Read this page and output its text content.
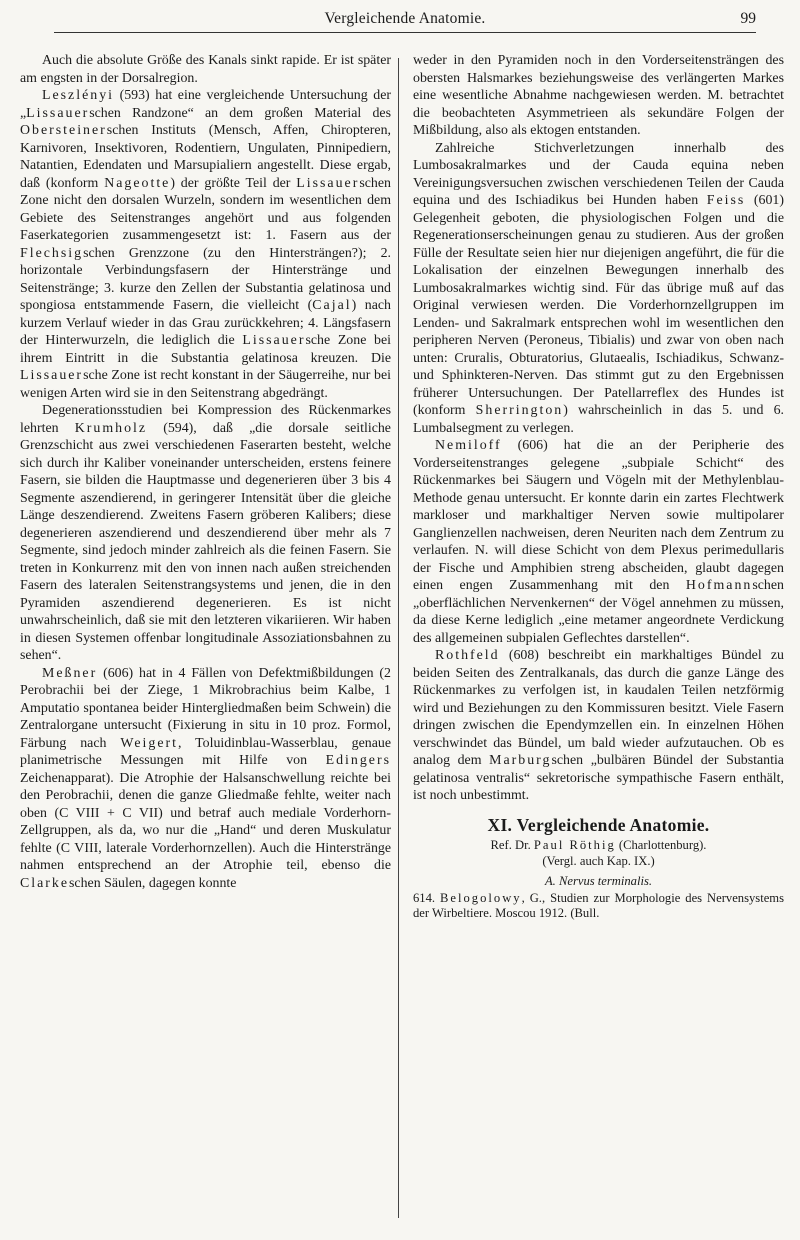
Vergleichende Anatomie.	99

Auch die absolute Größe des Kanals sinkt rapide. Er ist später am engsten in der Dorsalregion.

Leszlényi (593) hat eine vergleichende Untersuchung der „Lissauerschen Randzone“ an dem großen Material des Obersteinerschen Instituts (Mensch, Affen, Chiropteren, Karnivoren, Insektivoren, Rodentiern, Ungulaten, Pinnipediern, Natantien, Edendaten und Marsupialiern angestellt. Diese ergab, daß (konform Nageotte) der größte Teil der Lissauerschen Zone nicht den dorsalen Wurzeln, sondern im wesentlichen dem Gebiete des Seitenstranges angehört und aus folgenden Faserkategorien zusammengesetzt ist: 1. Fasern aus der Flechsigschen Grenzzone (zu den Hintersträngen?); 2. horizontale Verbindungsfasern der Hinterstränge und Seitenstränge; 3. kurze den Zellen der Substantia gelatinosa und spongiosa entstammende Fasern, die vielleicht (Cajal) nach kurzem Verlauf wieder in das Grau zurückkehren; 4. Längsfasern der Hinterwurzeln, die lediglich die Lissauersche Zone bei ihrem Eintritt in die Substantia gelatinosa kreuzen. Die Lissauersche Zone ist recht konstant in der Säugerreihe, nur bei wenigen Arten wird sie in den Seitenstrang abgedrängt.

Degenerationsstudien bei Kompression des Rückenmarkes lehrten Krumholz (594), daß „die dorsale seitliche Grenzschicht aus zwei verschiedenen Faserarten besteht, welche sich durch ihr Kaliber voneinander unterscheiden, erstens feinere Fasern, sie bilden die Hauptmasse und degenerieren über 3 bis 4 Segmente aszendierend, in geringerer Intensität über die gleiche Länge deszendierend. Zweitens Fasern gröberen Kalibers; diese degenerieren aszendierend und deszendierend über mehr als 7 Segmente, sind jedoch minder zahlreich als die feinen Fasern. Sie treten in Konkurrenz mit den von innen nach außen streichenden Fasern des lateralen Seitenstrangsystems und jenen, die in den Pyramiden aszendierend degenerieren. Es ist nicht unwahrscheinlich, daß sie mit den letzteren vikariieren. Wir haben in diesen Systemen offenbar longitudinale Assoziationsbahnen zu sehen“.

Meßner (606) hat in 4 Fällen von Defektmißbildungen (2 Perobrachii bei der Ziege, 1 Mikrobrachius beim Kalbe, 1 Amputatio spontanea beider Hintergliedmaßen beim Schwein) die Zentralorgane untersucht (Fixierung in situ in 10 proz. Formol, Färbung nach Weigert, Toluidinblau-Wasserblau, genaue planimetrische Messungen mit Hilfe von Edingers Zeichenapparat). Die Atrophie der Halsanschwellung reichte bei den Perobrachii, denen die ganze Gliedmaße fehlte, weiter nach oben (C VIII + C VII) und betraf auch mediale Vorderhorn-Zellgruppen, als da, wo nur die „Hand“ und deren Muskulatur fehlte (C VIII, laterale Vorderhornzellen). Auch die Hinterstränge nahmen entsprechend an der Atrophie teil, ebenso die Clarkeschen Säulen, dagegen konnte

weder in den Pyramiden noch in den Vorderseitensträngen des obersten Halsmarkes beziehungsweise des verlängerten Markes eine wesentliche Abnahme nachgewiesen werden. M. betrachtet die beobachteten Asymmetrieen als sekundäre Folgen der Mißbildung, also als ektogen entstanden.

Zahlreiche Stichverletzungen innerhalb des Lumbosakralmarkes und der Cauda equina neben Vereinigungsversuchen zwischen verschiedenen Teilen der Cauda equina und des Ischiadikus bei Hunden haben Feiss (601) Gelegenheit geboten, die physiologischen Folgen und die Regenerationserscheinungen genau zu studieren. Aus der großen Fülle der Resultate seien hier nur diejenigen angeführt, die für die Lokalisation der einzelnen Bewegungen innerhalb des Lumbosakralmarkes wichtig sind. Für das übrige muß auf das Original verwiesen werden. Die Vorderhornzellgruppen im Lenden- und Sakralmark entsprechen wohl im wesentlichen den peripheren Nerven (Peroneus, Tibialis) und zwar von oben nach unten: Cruralis, Obturatorius, Glutaealis, Ischiadikus, Schwanz- und Sphinkteren-Nerven. Das stimmt gut zu den Ergebnissen früherer Untersuchungen. Der Patellarreflex des Hundes ist (konform Sherrington) wahrscheinlich in das 5. und 6. Lumbalsegment zu verlegen.

Nemiloff (606) hat die an der Peripherie des Vorderseitenstranges gelegene „subpiale Schicht“ des Rückenmarkes bei Säugern und Vögeln mit der Methylenblau-Methode genau untersucht. Er konnte darin ein zartes Flechtwerk markloser und markhaltiger Nerven sowie multipolarer Ganglienzellen nachweisen, deren Neuriten nach dem Zentrum zu verlaufen. N. will diese Schicht von dem Plexus perimedullaris der Fische und Amphibien streng abscheiden, glaubt dagegen einen engen Zusammenhang mit den Hofmannschen „oberflächlichen Nervenkernen“ der Vögel annehmen zu müssen, da diese Kerne lediglich „eine metamer angeordnete Verdickung des allgemeinen subpialen Geflechtes darstellen“.

Rothfeld (608) beschreibt ein markhaltiges Bündel zu beiden Seiten des Zentralkanals, das durch die ganze Länge des Rückenmarkes zu verfolgen ist, in kaudalen Teilen netzförmig wird und Beziehungen zu den Kommissuren besitzt. Viele Fasern dringen zwischen die Ependymzellen ein. In einzelnen Höhen verschwindet das Bündel, um bald wieder aufzutauchen. Ob es analog dem Marburgschen „bulbären Bündel der Substantia gelatinosa ventralis“ sekretorische sympathische Fasern enthält, ist noch unbestimmt.

XI. Vergleichende Anatomie.
Ref. Dr. Paul Röthig (Charlottenburg).
(Vergl. auch Kap. IX.)
A. Nervus terminalis.

614. Belogolowy, G., Studien zur Morphologie des Nervensystems der Wirbeltiere. Moscou 1912. (Bull.
